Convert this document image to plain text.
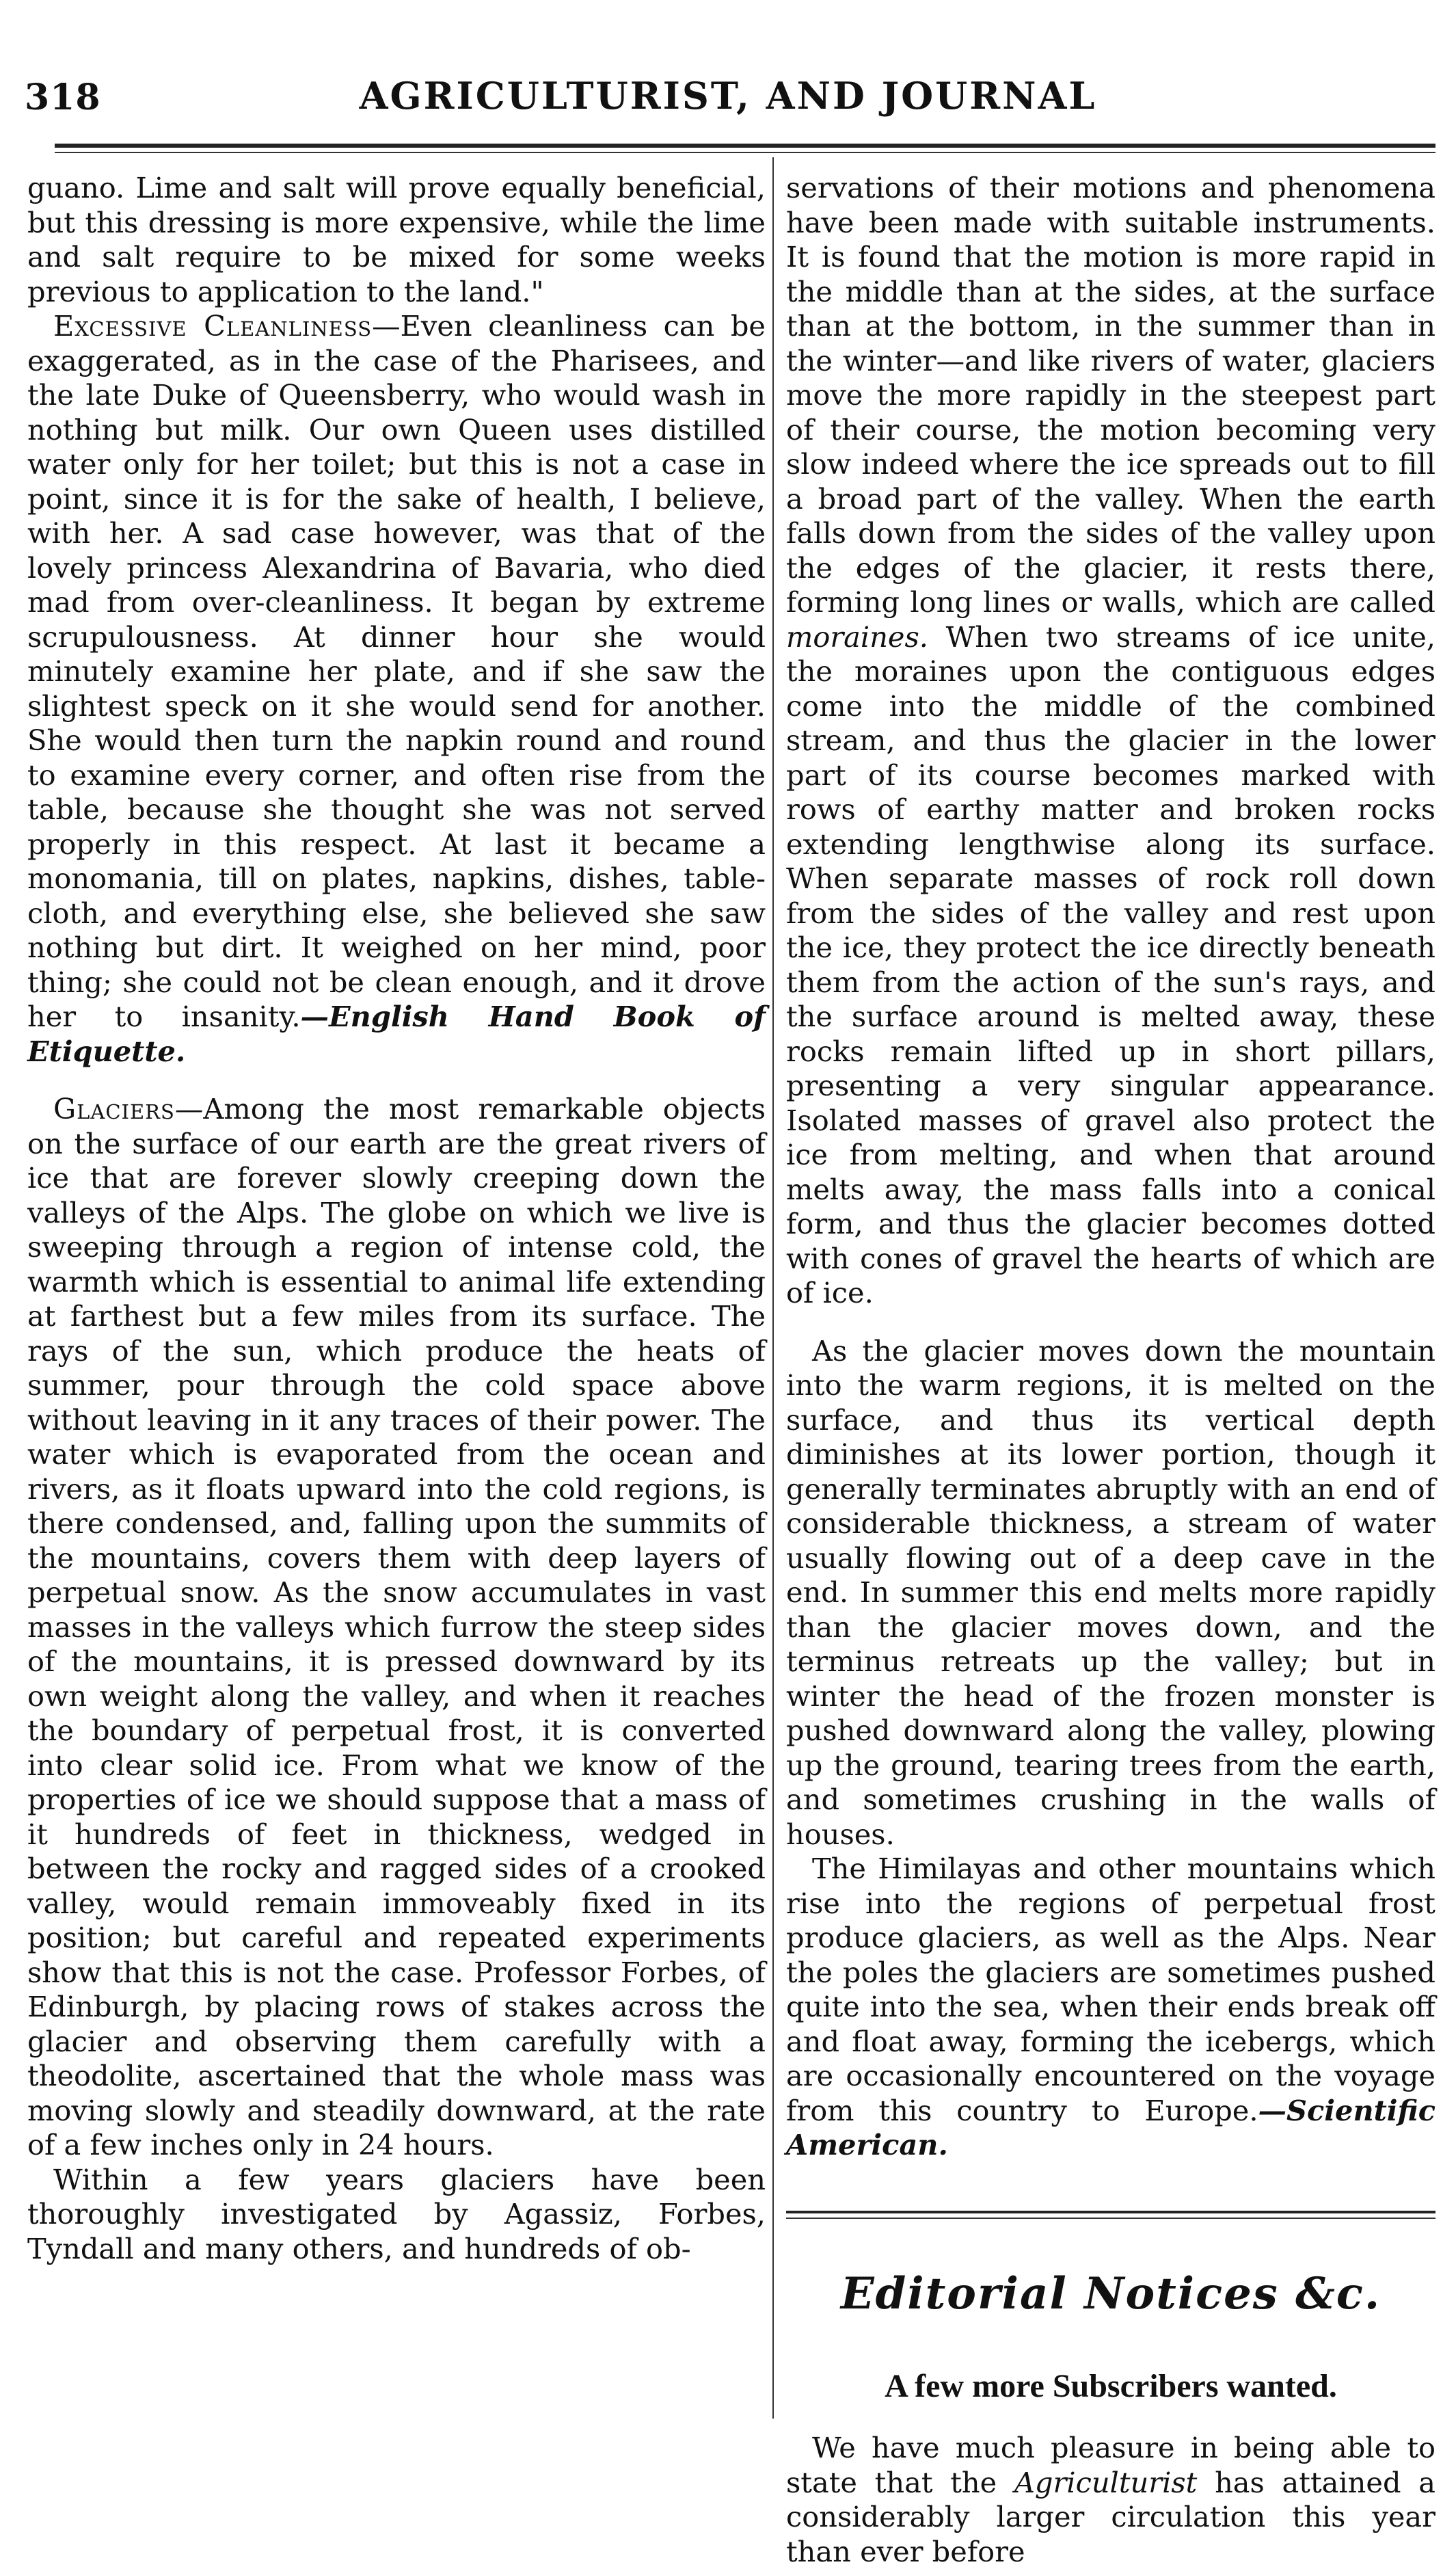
318	AGRICULTURIST, AND JOURNAL

guano. Lime and salt will prove equally beneficial, but this dressing is more expensive, while the lime and salt require to be mixed for some weeks previous to application to the land."

Excessive Cleanliness—Even cleanliness can be exaggerated, as in the case of the Pharisees, and the late Duke of Queensberry, who would wash in nothing but milk. Our own Queen uses distilled water only for her toilet; but this is not a case in point, since it is for the sake of health, I believe, with her. A sad case however, was that of the lovely princess Alexandrina of Bavaria, who died mad from over-cleanliness. It began by extreme scrupulousness. At dinner hour she would minutely examine her plate, and if she saw the slightest speck on it she would send for another. She would then turn the napkin round and round to examine every corner, and often rise from the table, because she thought she was not served properly in this respect. At last it became a monomania, till on plates, napkins, dishes, table-cloth, and everything else, she believed she saw nothing but dirt. It weighed on her mind, poor thing; she could not be clean enough, and it drove her to insanity.—English Hand Book of Etiquette.

Glaciers—Among the most remarkable objects on the surface of our earth are the great rivers of ice that are forever slowly creeping down the valleys of the Alps. The globe on which we live is sweeping through a region of intense cold, the warmth which is essential to animal life extending at farthest but a few miles from its surface. The rays of the sun, which produce the heats of summer, pour through the cold space above without leaving in it any traces of their power. The water which is evaporated from the ocean and rivers, as it floats upward into the cold regions, is there condensed, and, falling upon the summits of the mountains, covers them with deep layers of perpetual snow. As the snow accumulates in vast masses in the valleys which furrow the steep sides of the mountains, it is pressed downward by its own weight along the valley, and when it reaches the boundary of perpetual frost, it is converted into clear solid ice. From what we know of the properties of ice we should suppose that a mass of it hundreds of feet in thickness, wedged in between the rocky and ragged sides of a crooked valley, would remain immoveably fixed in its position; but careful and repeated experiments show that this is not the case. Professor Forbes, of Edinburgh, by placing rows of stakes across the glacier and observing them carefully with a theodolite, ascertained that the whole mass was moving slowly and steadily downward, at the rate of a few inches only in 24 hours.

Within a few years glaciers have been thoroughly investigated by Agassiz, Forbes, Tyndall and many others, and hundreds of ob-

servations of their motions and phenomena have been made with suitable instruments. It is found that the motion is more rapid in the middle than at the sides, at the surface than at the bottom, in the summer than in the winter—and like rivers of water, glaciers move the more rapidly in the steepest part of their course, the motion becoming very slow indeed where the ice spreads out to fill a broad part of the valley. When the earth falls down from the sides of the valley upon the edges of the glacier, it rests there, forming long lines or walls, which are called moraines. When two streams of ice unite, the moraines upon the contiguous edges come into the middle of the combined stream, and thus the glacier in the lower part of its course becomes marked with rows of earthy matter and broken rocks extending lengthwise along its surface. When separate masses of rock roll down from the sides of the valley and rest upon the ice, they protect the ice directly beneath them from the action of the sun's rays, and the surface around is melted away, these rocks remain lifted up in short pillars, presenting a very singular appearance. Isolated masses of gravel also protect the ice from melting, and when that around melts away, the mass falls into a conical form, and thus the glacier becomes dotted with cones of gravel the hearts of which are of ice.

As the glacier moves down the mountain into the warm regions, it is melted on the surface, and thus its vertical depth diminishes at its lower portion, though it generally terminates abruptly with an end of considerable thickness, a stream of water usually flowing out of a deep cave in the end. In summer this end melts more rapidly than the glacier moves down, and the terminus retreats up the valley; but in winter the head of the frozen monster is pushed downward along the valley, plowing up the ground, tearing trees from the earth, and sometimes crushing in the walls of houses.

The Himilayas and other mountains which rise into the regions of perpetual frost produce glaciers, as well as the Alps. Near the poles the glaciers are sometimes pushed quite into the sea, when their ends break off and float away, forming the icebergs, which are occasionally encountered on the voyage from this country to Europe.—Scientific American.

Editorial Notices &c.
A few more Subscribers wanted.

We have much pleasure in being able to state that the Agriculturist has attained a considerably larger circulation this year than ever before
